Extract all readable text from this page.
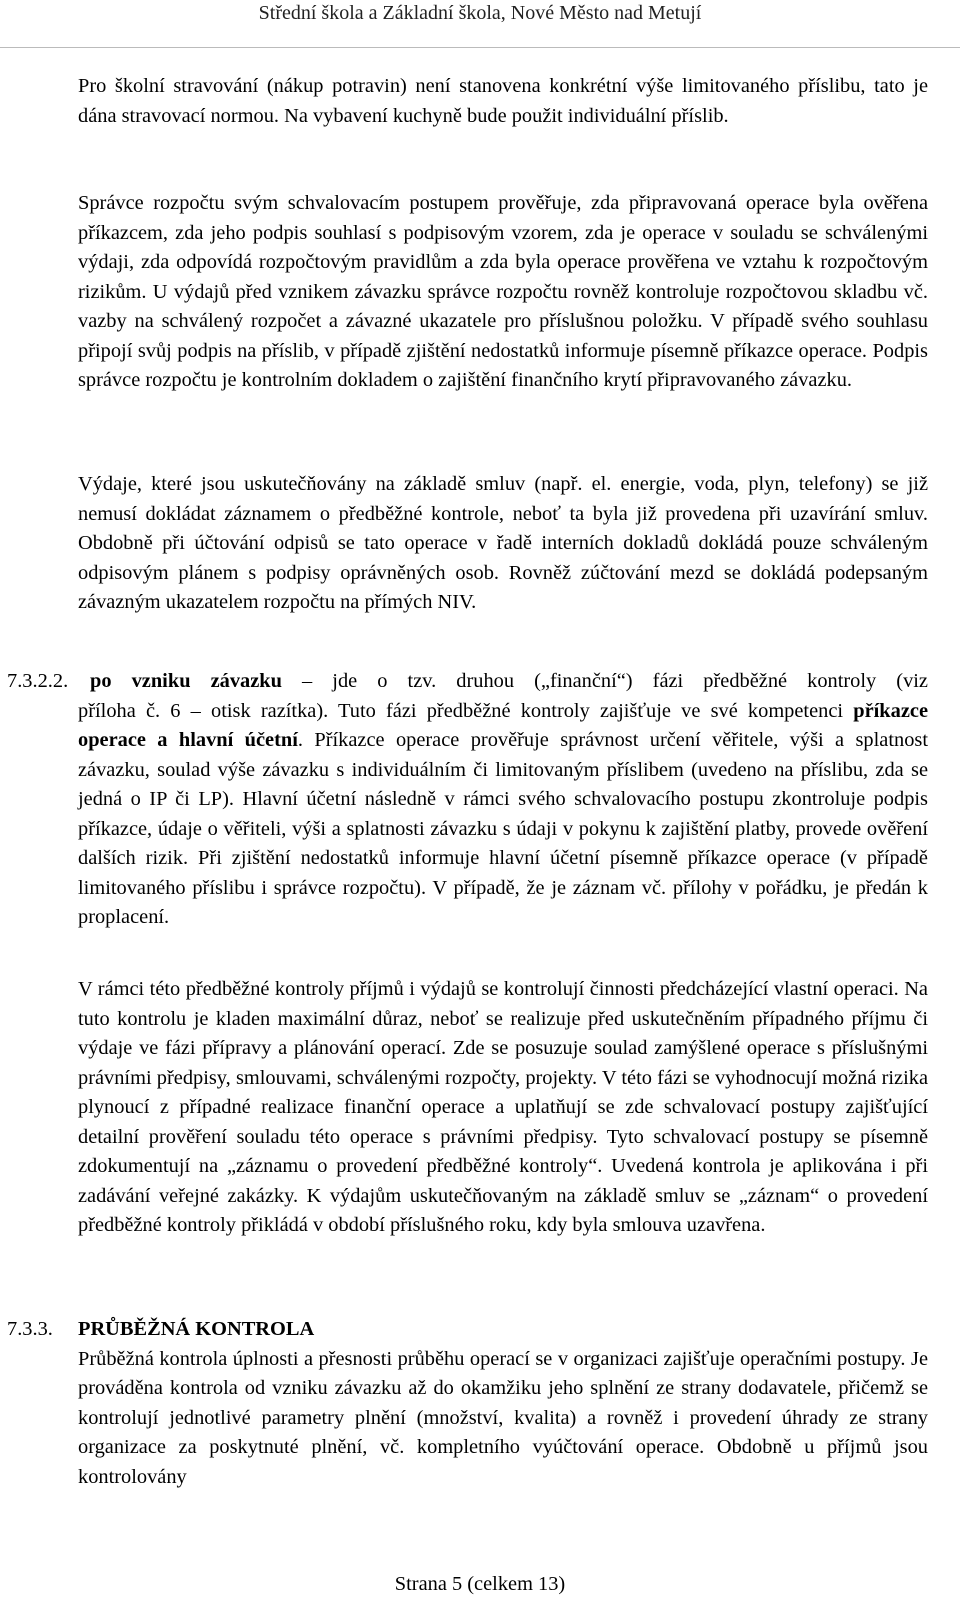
Střední škola a Základní škola, Nové Město nad Metují

Pro školní stravování (nákup potravin) není stanovena konkrétní výše limitovaného příslibu, tato je dána stravovací normou. Na vybavení kuchyně bude použit individuální příslib.

Správce rozpočtu svým schvalovacím postupem prověřuje, zda připravovaná operace byla ověřena příkazcem, zda jeho podpis souhlasí s podpisovým vzorem, zda je operace v souladu se schválenými výdaji, zda odpovídá rozpočtovým pravidlům a zda byla operace prověřena ve vztahu k rozpočtovým rizikům. U výdajů před vznikem závazku správce rozpočtu rovněž kontroluje rozpočtovou skladbu vč. vazby na schválený rozpočet a závazné ukazatele pro příslušnou položku. V případě svého souhlasu připojí svůj podpis na příslib, v případě zjištění nedostatků informuje písemně příkazce operace. Podpis správce rozpočtu je kontrolním dokladem o zajištění finančního krytí připravovaného závazku.

Výdaje, které jsou uskutečňovány na základě smluv (např. el. energie, voda, plyn, telefony) se již nemusí dokládat záznamem o předběžné kontrole, neboť ta byla již provedena při uzavírání smluv. Obdobně při účtování odpisů se tato operace v řadě interních dokladů dokládá pouze schváleným odpisovým plánem s podpisy oprávněných osob. Rovněž zúčtování mezd se dokládá podepsaným závazným ukazatelem rozpočtu na přímých NIV.

7.3.2.2. po vzniku závazku – jde o tzv. druhou („finanční“) fázi předběžné kontroly (viz
příloha č. 6 – otisk razítka). Tuto fázi předběžné kontroly zajišťuje ve své kompetenci příkazce operace a hlavní účetní. Příkazce operace prověřuje správnost určení věřitele, výši a splatnost závazku, soulad výše závazku s individuálním či limitovaným příslibem (uvedeno na příslibu, zda se jedná o IP či LP). Hlavní účetní následně v rámci svého schvalovacího postupu zkontroluje podpis příkazce, údaje o věřiteli, výši a splatnosti závazku s údaji v pokynu k zajištění platby, provede ověření dalších rizik. Při zjištění nedostatků informuje hlavní účetní písemně příkazce operace (v případě limitovaného příslibu i správce rozpočtu). V případě, že je záznam vč. přílohy v pořádku, je předán k proplacení.

V rámci této předběžné kontroly příjmů i výdajů se kontrolují činnosti předcházející vlastní operaci. Na tuto kontrolu je kladen maximální důraz, neboť se realizuje před uskutečněním případného příjmu či výdaje ve fázi přípravy a plánování operací. Zde se posuzuje soulad zamýšlené operace s příslušnými právními předpisy, smlouvami, schválenými rozpočty, projekty. V této fázi se vyhodnocují možná rizika plynoucí z případné realizace finanční operace a uplatňují se zde schvalovací postupy zajišťující detailní prověření souladu této operace s právními předpisy. Tyto schvalovací postupy se písemně zdokumentují na „záznamu o provedení předběžné kontroly“. Uvedená kontrola je aplikována i při zadávání veřejné zakázky. K výdajům uskutečňovaným na základě smluv se „záznam“ o provedení předběžné kontroly přikládá v období příslušného roku, kdy byla smlouva uzavřena.

7.3.3. PRŮBĚŽNÁ KONTROLA
Průběžná kontrola úplnosti a přesnosti průběhu operací se v organizaci zajišťuje operačními postupy. Je prováděna kontrola od vzniku závazku až do okamžiku jeho splnění ze strany dodavatele, přičemž se kontrolují jednotlivé parametry plnění (množství, kvalita) a rovněž i provedení úhrady ze strany organizace za poskytnuté plnění, vč. kompletního vyúčtování operace. Obdobně u příjmů jsou kontrolovány
Strana 5 (celkem 13)
